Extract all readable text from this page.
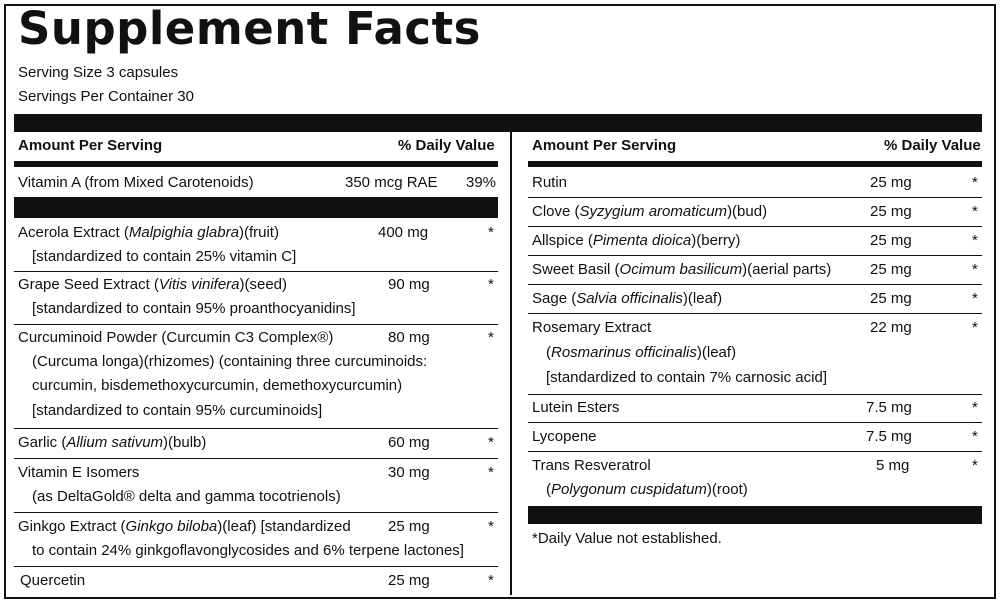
Supplement Facts
Serving Size 3 capsules
Servings Per Container 30
Amount Per Serving	% Daily Value
Vitamin A (from Mixed Carotenoids)	350 mcg RAE 39%
Acerola Extract (Malpighia glabra)(fruit)
[standardized to contain 25% vitamin C]
400 mg	*
Grape Seed Extract (Vitis vinifera)(seed)
[standardized to contain 95% proanthocyanidins]
90 mg	*
Curcuminoid Powder (Curcumin C3 Complex®)
(Curcuma longa)(rhizomes) (containing three curcuminoids:
curcumin, bisdemethoxycurcumin, demethoxycurcumin)
[standardized to contain 95% curcuminoids]
80 mg	*
Garlic (Allium sativum)(bulb)	60 mg	*
Vitamin E Isomers
(as DeltaGold® delta and gamma tocotrienols)
30 mg	*
Ginkgo Extract (Ginkgo biloba)(leaf) [standardized
to contain 24% ginkgoflavonglycosides and 6% terpene lactones]
25 mg	*
Quercetin	25 mg	*
Amount Per Serving	% Daily Value
Rutin	25 mg	*
Clove (Syzygium aromaticum)(bud)	25 mg	*
Allspice (Pimenta dioica)(berry)	25 mg	*
Sweet Basil (Ocimum basilicum)(aerial parts)	25 mg	*
Sage (Salvia officinalis)(leaf)	25 mg	*
Rosemary Extract
(Rosmarinus officinalis)(leaf)
[standardized to contain 7% carnosic acid]
22 mg	*
Lutein Esters	7.5 mg	*
Lycopene	7.5 mg	*
Trans Resveratrol
(Polygonum cuspidatum)(root)
5 mg	*
*Daily Value not established.
